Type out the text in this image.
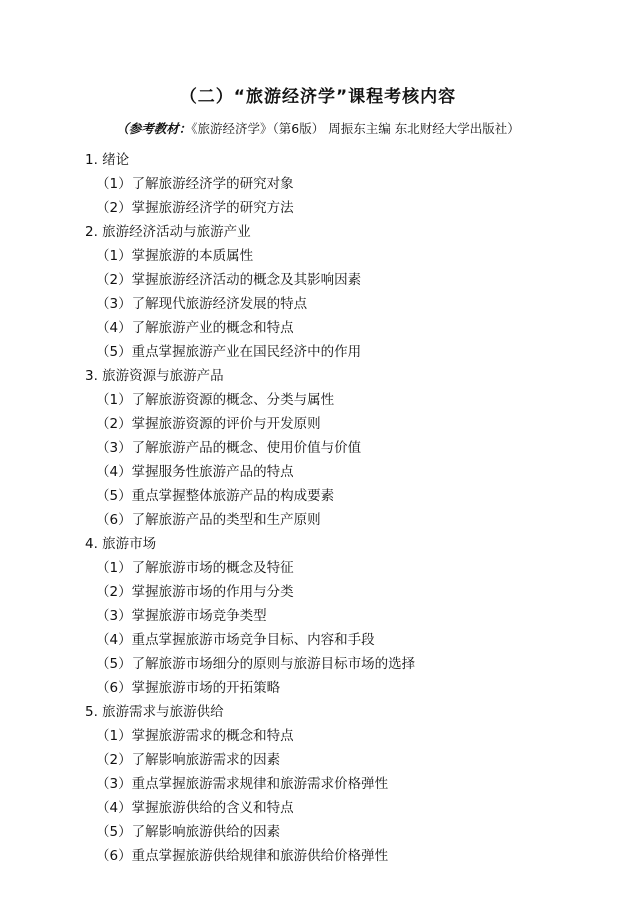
（二）“旅游经济学”课程考核内容
（参考教材：《旅游经济学》（第6版） 周振东主编 东北财经大学出版社）
1. 绪论
（1）了解旅游经济学的研究对象
（2）掌握旅游经济学的研究方法
2. 旅游经济活动与旅游产业
（1）掌握旅游的本质属性
（2）掌握旅游经济活动的概念及其影响因素
（3）了解现代旅游经济发展的特点
（4）了解旅游产业的概念和特点
（5）重点掌握旅游产业在国民经济中的作用
3. 旅游资源与旅游产品
（1）了解旅游资源的概念、分类与属性
（2）掌握旅游资源的评价与开发原则
（3）了解旅游产品的概念、使用价值与价值
（4）掌握服务性旅游产品的特点
（5）重点掌握整体旅游产品的构成要素
（6）了解旅游产品的类型和生产原则
4. 旅游市场
（1）了解旅游市场的概念及特征
（2）掌握旅游市场的作用与分类
（3）掌握旅游市场竞争类型
（4）重点掌握旅游市场竞争目标、内容和手段
（5）了解旅游市场细分的原则与旅游目标市场的选择
（6）掌握旅游市场的开拓策略
5. 旅游需求与旅游供给
（1）掌握旅游需求的概念和特点
（2）了解影响旅游需求的因素
（3）重点掌握旅游需求规律和旅游需求价格弹性
（4）掌握旅游供给的含义和特点
（5）了解影响旅游供给的因素
（6）重点掌握旅游供给规律和旅游供给价格弹性
